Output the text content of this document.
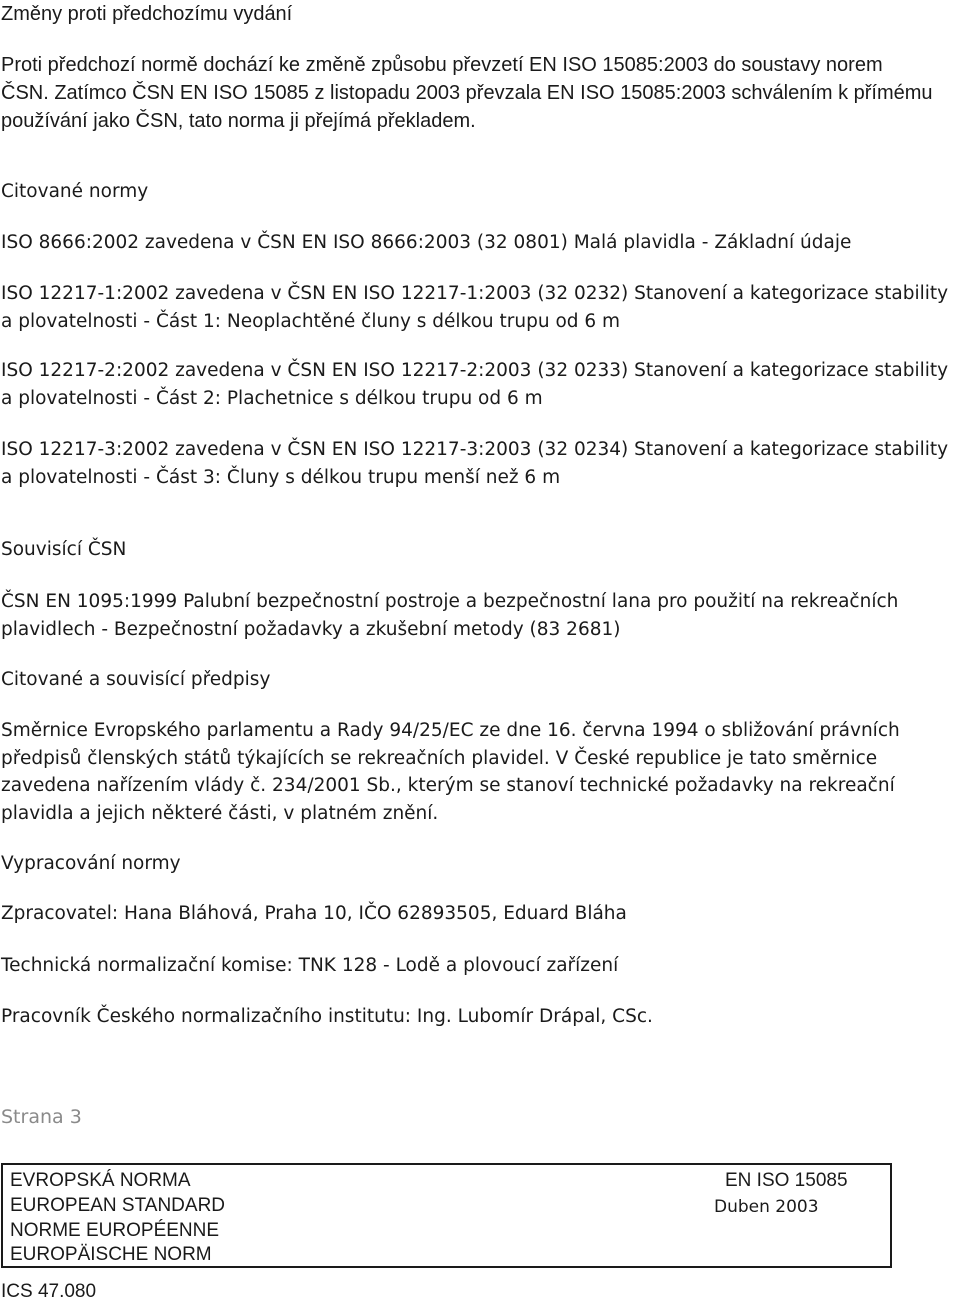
Změny proti předchozímu vydání
Proti předchozí normě dochází ke změně způsobu převzetí EN ISO 15085:2003 do soustavy norem
ČSN. Zatímco ČSN EN ISO 15085 z listopadu 2003 převzala EN ISO 15085:2003 schválením k přímému
používání jako ČSN, tato norma ji přejímá překladem.
Citované normy
ISO 8666:2002 zavedena v ČSN EN ISO 8666:2003 (32 0801) Malá plavidla - Základní údaje
ISO 12217-1:2002 zavedena v ČSN EN ISO 12217-1:2003 (32 0232) Stanovení a kategorizace stability
a plovatelnosti - Část 1: Neoplachtěné čluny s délkou trupu od 6 m
ISO 12217-2:2002 zavedena v ČSN EN ISO 12217-2:2003 (32 0233) Stanovení a kategorizace stability
a plovatelnosti - Část 2: Plachetnice s délkou trupu od 6 m
ISO 12217-3:2002 zavedena v ČSN EN ISO 12217-3:2003 (32 0234) Stanovení a kategorizace stability
a plovatelnosti - Část 3: Čluny s délkou trupu menší než 6 m
Souvisící ČSN
ČSN EN 1095:1999 Palubní bezpečnostní postroje a bezpečnostní lana pro použití na rekreačních
plavidlech - Bezpečnostní požadavky a zkušební metody (83 2681)
Citované a souvisící předpisy
Směrnice Evropského parlamentu a Rady 94/25/EC ze dne 16. června 1994 o sbližování právních
předpisů členských států týkajících se rekreačních plavidel. V České republice je tato směrnice
zavedena nařízením vlády č. 234/2001 Sb., kterým se stanoví technické požadavky na rekreační
plavidla a jejich některé části, v platném znění.
Vypracování normy
Zpracovatel: Hana Bláhová, Praha 10, IČO 62893505, Eduard Bláha
Technická normalizační komise: TNK 128 - Lodě a plovoucí zařízení
Pracovník Českého normalizačního institutu: Ing. Lubomír Drápal, CSc.
Strana 3
EVROPSKÁ NORMA
EUROPEAN STANDARD
NORME EUROPÉENNE
EUROPÄISCHE NORM
EN ISO 15085
Duben 2003
ICS 47.080
